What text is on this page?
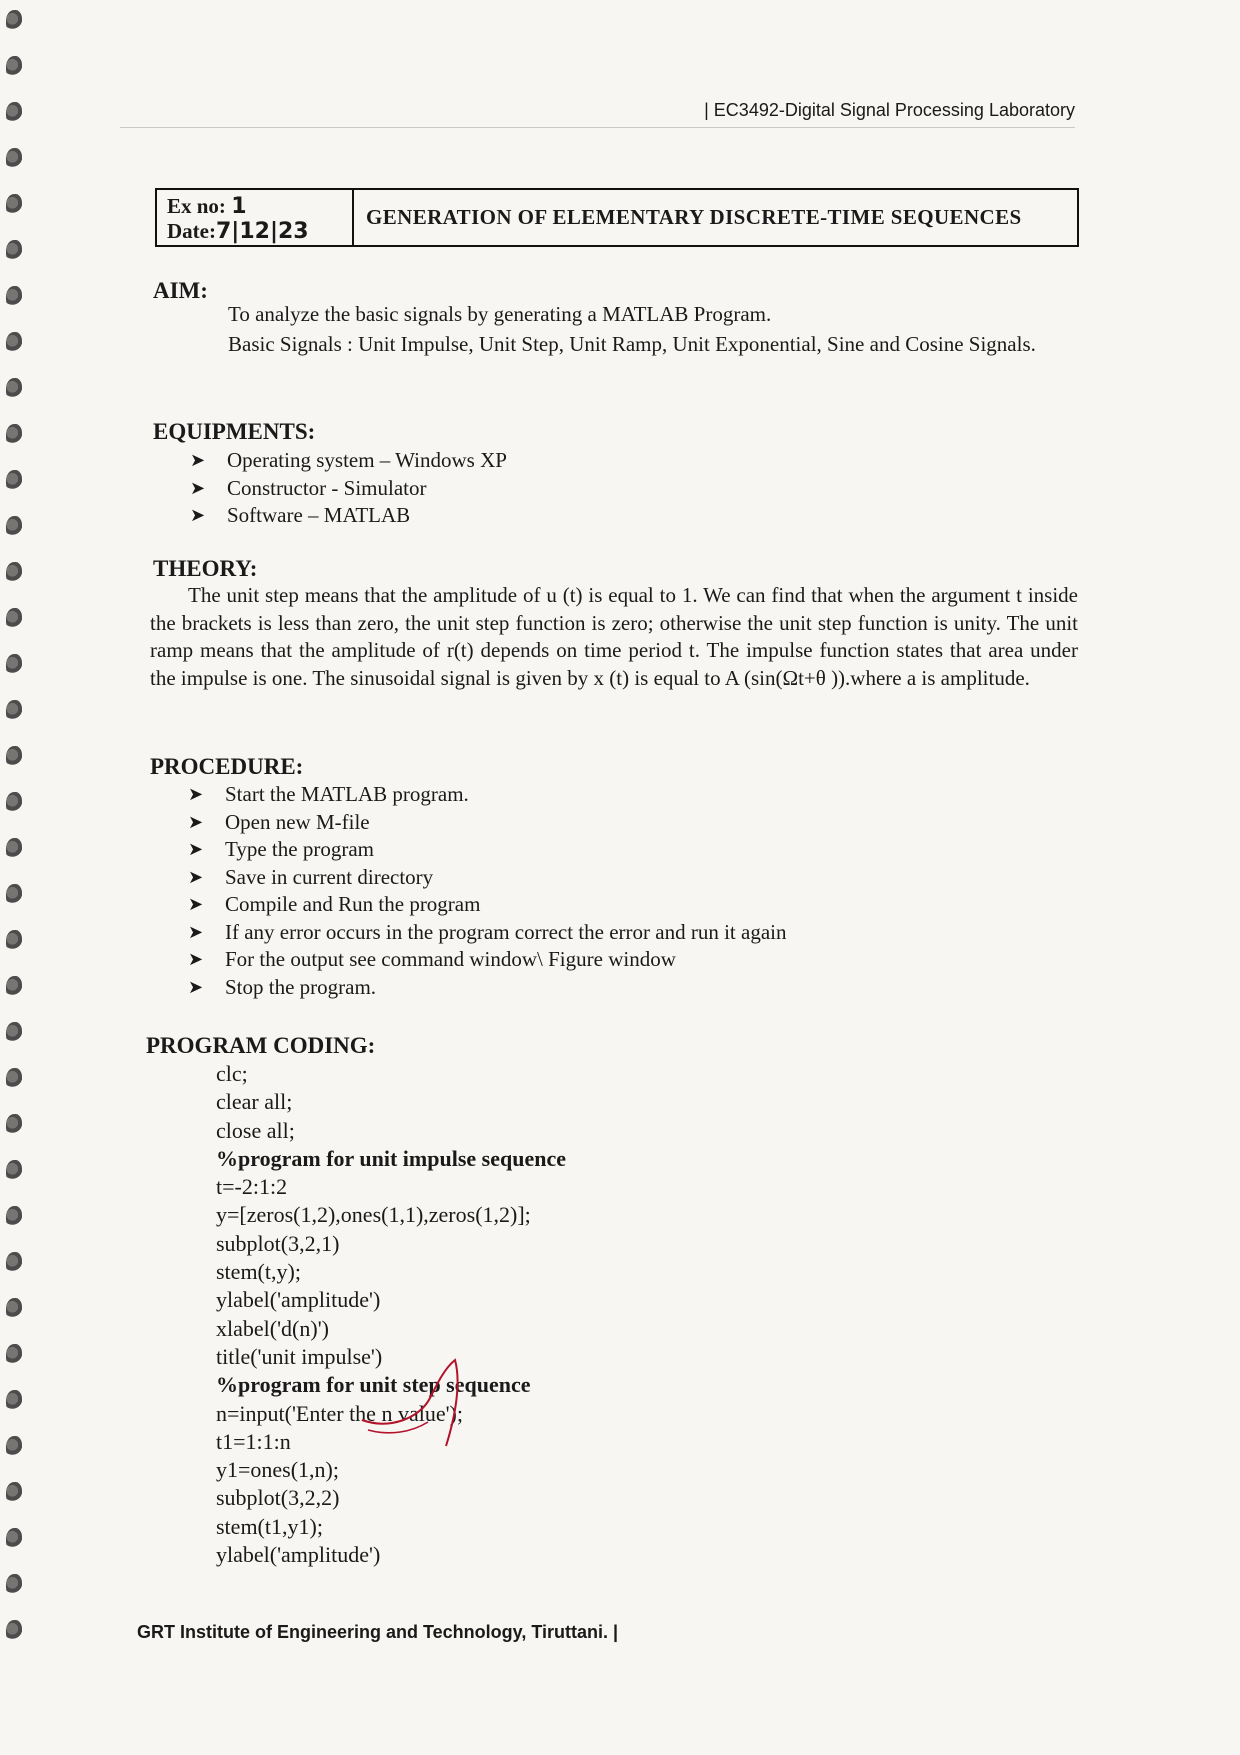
| EC3492-Digital Signal Processing Laboratory
Ex no: 1
Date:7|12|23
GENERATION OF ELEMENTARY DISCRETE-TIME SEQUENCES
AIM:
To analyze the basic signals by generating a MATLAB Program.
Basic Signals : Unit Impulse, Unit Step, Unit Ramp, Unit Exponential, Sine and Cosine Signals.
EQUIPMENTS:
➤ Operating system – Windows XP
➤ Constructor - Simulator
➤ Software – MATLAB
THEORY:
The unit step means that the amplitude of u (t) is equal to 1. We can find that when the argument t inside the brackets is less than zero, the unit step function is zero; otherwise the unit step function is unity. The unit ramp means that the amplitude of r(t) depends on time period t. The impulse function states that area under the impulse is one. The sinusoidal signal is given by x (t) is equal to A (sin(Ωt+θ )).where a is amplitude.
PROCEDURE:
➤ Start the MATLAB program.
➤ Open new M-file
➤ Type the program
➤ Save in current directory
➤ Compile and Run the program
➤ If any error occurs in the program correct the error and run it again
➤ For the output see command window\ Figure window
➤ Stop the program.
PROGRAM CODING:
clc;
clear all;
close all;
%program for unit impulse sequence
t=-2:1:2
y=[zeros(1,2),ones(1,1),zeros(1,2)];
subplot(3,2,1)
stem(t,y);
ylabel('amplitude')
xlabel('d(n)')
title('unit impulse')
%program for unit step sequence
n=input('Enter the n value');
t1=1:1:n
y1=ones(1,n);
subplot(3,2,2)
stem(t1,y1);
ylabel('amplitude')
GRT Institute of Engineering and Technology, Tiruttani. |
